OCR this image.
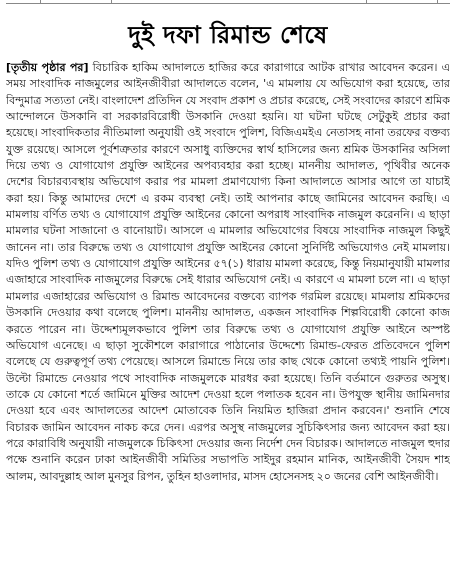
দুই দফা রিমান্ড শেষে

[তৃতীয় পৃষ্ঠার পর] বিচারিক হাকিম আদালতে হাজির করে কারাগারে আটক রাখার আবেদন করেন। এ সময় সাংবাদিক নাজমুলের আইনজীবীরা আদালতে বলেন, 'এ মামলায় যে অভিযোগ করা হয়েছে, তার বিন্দুমাত্র সত্যতা নেই। বাংলাদেশ প্রতিদিন যে সংবাদ প্রকাশ ও প্রচার করেছে, সেই সংবাদের কারণে শ্রমিক আন্দোলনে উসকানি বা সরকারবিরোধী উসকানি দেওয়া হয়নি। যা ঘটনা ঘটছে সেটুকুই প্রচার করা হয়েছে। সাংবাদিকতার নীতিমালা অনুযায়ী ওই সংবাদে পুলিশ, বিজিএমইএ নেতাসহ নানা তরফের বক্তব্য যুক্ত রয়েছে। আসলে পূর্বশত্রুতার কারণে অসাধু ব্যক্তিদের স্বার্থ হাসিলের জন্য শ্রমিক উসকানির অসিলা দিয়ে তথ্য ও যোগাযোগ প্রযুক্তি আইনের অপব্যবহার করা হচ্ছে। মাননীয় আদালত, পৃথিবীর অনেক দেশের বিচারব্যবস্থায় অভিযোগ করার পর মামলা প্রমাণযোগ্য কিনা আদালতে আসার আগে তা যাচাই করা হয়। কিন্তু আমাদের দেশে এ রকম ব্যবস্থা নেই। তাই আপনার কাছে জামিনের আবেদন করছি। এ মামলায় বর্ণিত তথ্য ও যোগাযোগ প্রযুক্তি আইনের কোনো অপরাধ সাংবাদিক নাজমুল করেননি। এ ছাড়া মামলার ঘটনা সাজানো ও বানোয়াট। আসলে এ মামলার অভিযোগের বিষয়ে সাংবাদিক নাজমুল কিছুই জানেন না। তার বিরুদ্ধে তথ্য ও যোগাযোগ প্রযুক্তি আইনের কোনো সুনির্দিষ্ট অভিযোগও নেই মামলায়। যদিও পুলিশ তথ্য ও যোগাযোগ প্রযুক্তি আইনের ৫৭(১) ধারায় মামলা করেছে, কিন্তু নিয়মানুযায়ী মামলার এজাহারে সাংবাদিক নাজমুলের বিরুদ্ধে সেই ধারার অভিযোগ নেই। এ কারণে এ মামলা চলে না। এ ছাড়া মামলার এজাহারের অভিযোগ ও রিমান্ড আবেদনের বক্তব্যে ব্যাপক গরমিল রয়েছে। মামলায় শ্রমিকদের উসকানি দেওয়ার কথা বলেছে পুলিশ। মাননীয় আদালত, একজন সাংবাদিক শিল্পবিরোধী কোনো কাজ করতে পারেন না। উদ্দেশ্যমূলকভাবে পুলিশ তার বিরুদ্ধে তথ্য ও যোগাযোগ প্রযুক্তি আইনে অস্পষ্ট অভিযোগ এনেছে। এ ছাড়া সুকৌশলে কারাগারে পাঠানোর উদ্দেশ্যে রিমান্ড-ফেরত প্রতিবেদনে পুলিশ বলেছে যে গুরুত্বপূর্ণ তথ্য পেয়েছে। আসলে রিমান্ডে নিয়ে তার কাছ থেকে কোনো তথ্যই পায়নি পুলিশ। উল্টো রিমান্ডে নেওয়ার পথে সাংবাদিক নাজমুলকে মারধর করা হয়েছে। তিনি বর্তমানে গুরুতর অসুস্থ। তাকে যে কোনো শর্তে জামিনে মুক্তির আদেশ দেওয়া হলে পলাতক হবেন না। উপযুক্ত স্থানীয় জামিনদার দেওয়া হবে এবং আদালতের আদেশ মোতাবেক তিনি নিয়মিত হাজিরা প্রদান করবেন।' শুনানি শেষে বিচারক জামিন আবেদন নাকচ করে দেন। এরপর অসুস্থ নাজমুলের সুচিকিৎসার জন্য আবেদন করা হয়। পরে কারাবিধি অনুযায়ী নাজমুলকে চিকিৎসা দেওয়ার জন্য নির্দেশ দেন বিচারক। আদালতে নাজমুল হুদার পক্ষে শুনানি করেন ঢাকা আইনজীবী সমিতির সভাপতি সাইদুর রহমান মানিক, আইনজীবী সৈয়দ শাহ আলম, আবদুল্লাহ আল মুনসুর রিপন, তুহিন হাওলাদার, মাসদ হোসেনসহ ২০ জনের বেশি আইনজীবী।
